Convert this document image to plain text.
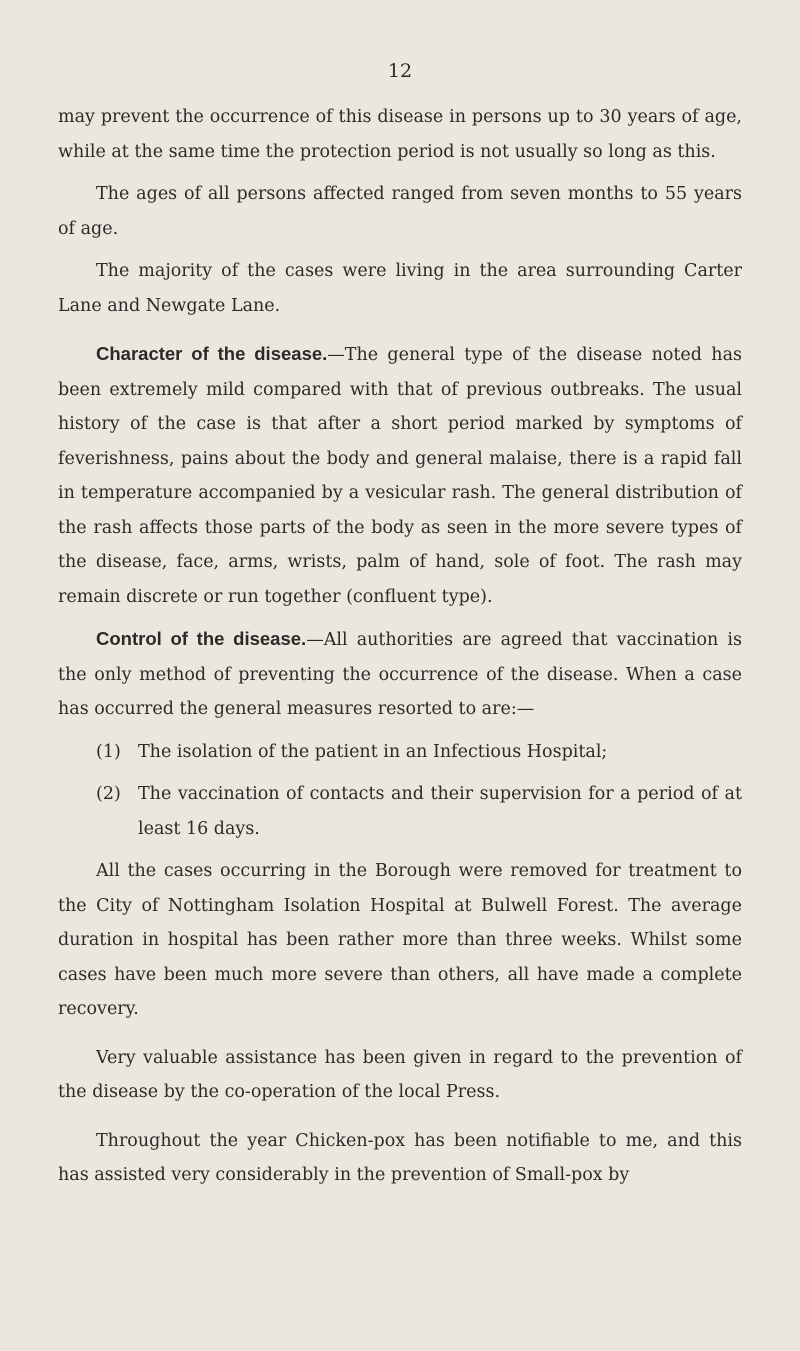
12

may prevent the occurrence of this disease in persons up to 30 years of age, while at the same time the protection period is not usually so long as this.

The ages of all persons affected ranged from seven months to 55 years of age.

The majority of the cases were living in the area surrounding Carter Lane and Newgate Lane.

Character of the disease.—The general type of the disease noted has been extremely mild compared with that of previous outbreaks. The usual history of the case is that after a short period marked by symptoms of feverishness, pains about the body and general malaise, there is a rapid fall in temperature accompanied by a vesicular rash. The general distribution of the rash affects those parts of the body as seen in the more severe types of the disease, face, arms, wrists, palm of hand, sole of foot. The rash may remain discrete or run together (confluent type).

Control of the disease.—All authorities are agreed that vaccination is the only method of preventing the occurrence of the disease. When a case has occurred the general measures resorted to are:—

(1) The isolation of the patient in an Infectious Hospital;
(2) The vaccination of contacts and their supervision for a period of at least 16 days.

All the cases occurring in the Borough were removed for treatment to the City of Nottingham Isolation Hospital at Bulwell Forest. The average duration in hospital has been rather more than three weeks. Whilst some cases have been much more severe than others, all have made a complete recovery.

Very valuable assistance has been given in regard to the prevention of the disease by the co-operation of the local Press.

Throughout the year Chicken-pox has been notifiable to me, and this has assisted very considerably in the prevention of Small-pox by
